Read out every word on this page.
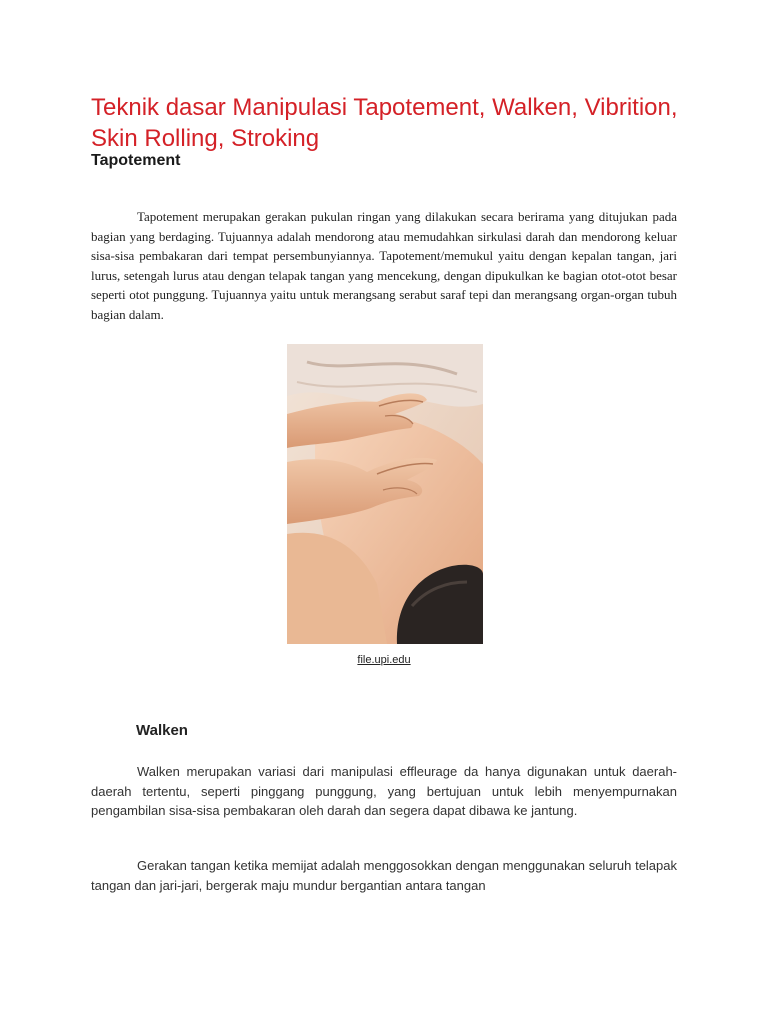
Teknik dasar Manipulasi Tapotement, Walken, Vibrition, Skin Rolling, Stroking
Tapotement

Tapotement merupakan gerakan pukulan ringan yang dilakukan secara berirama yang ditujukan pada bagian yang berdaging. Tujuannya adalah mendorong atau memudahkan sirkulasi darah dan mendorong keluar sisa-sisa pembakaran dari tempat persembunyiannya. Tapotement/memukul yaitu dengan kepalan tangan, jari lurus, setengah lurus atau dengan telapak tangan yang mencekung, dengan dipukulkan ke bagian otot-otot besar seperti otot punggung. Tujuannya yaitu untuk merangsang serabut saraf tepi dan merangsang organ-organ tubuh bagian dalam.

file.upi.edu

Walken

Walken merupakan variasi dari manipulasi effleurage da hanya digunakan untuk daerah-daerah tertentu, seperti pinggang punggung, yang bertujuan untuk lebih menyempurnakan pengambilan sisa-sisa pembakaran oleh darah dan segera dapat dibawa ke jantung.

Gerakan tangan ketika memijat adalah menggosokkan dengan menggunakan seluruh telapak tangan dan jari-jari, bergerak maju mundur bergantian antara tangan
